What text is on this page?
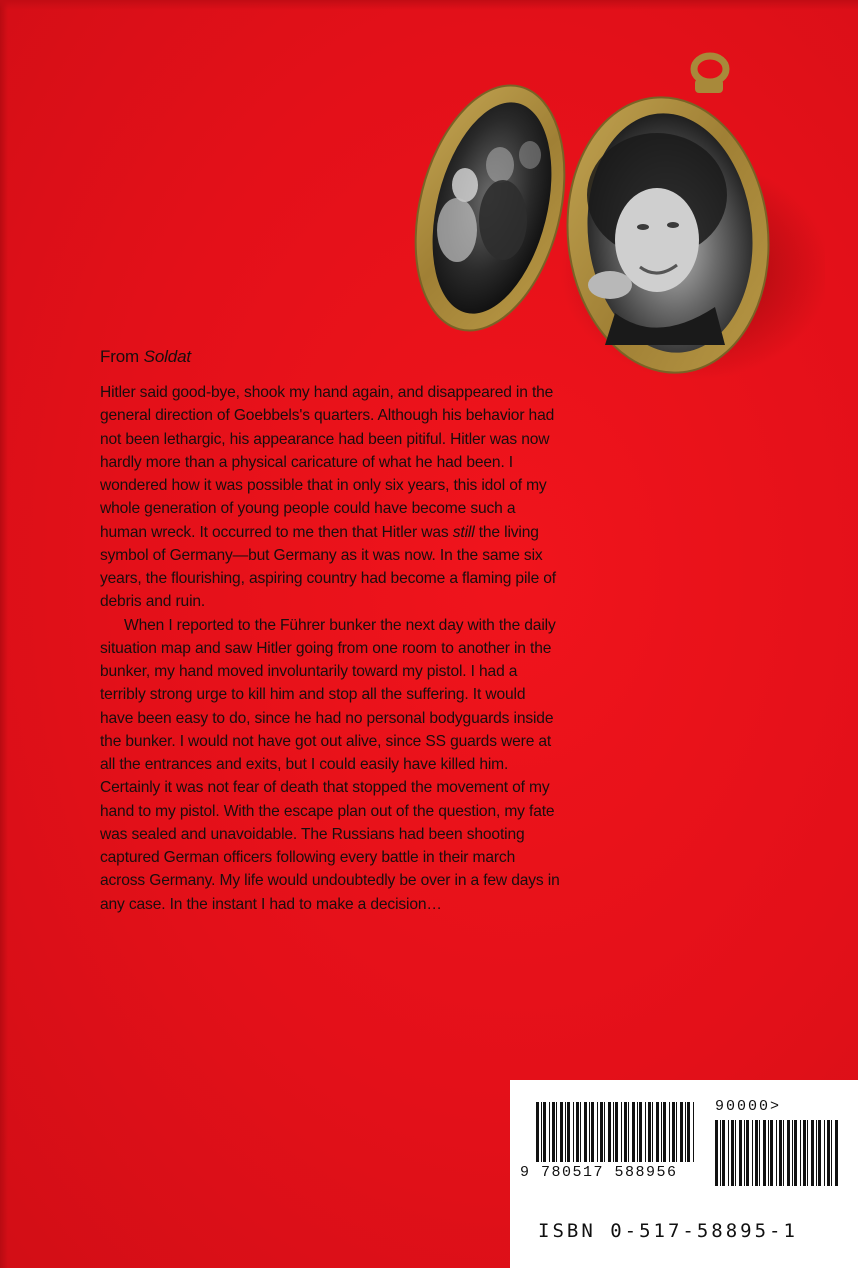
From Soldat

Hitler said good-bye, shook my hand again, and disappeared in the general direction of Goebbels's quarters. Although his behavior had not been lethargic, his appearance had been pitiful. Hitler was now hardly more than a physical caricature of what he had been. I wondered how it was possible that in only six years, this idol of my whole generation of young people could have become such a human wreck. It occurred to me then that Hitler was still the living symbol of Germany—but Germany as it was now. In the same six years, the flourishing, aspiring country had become a flaming pile of debris and ruin.

When I reported to the Führer bunker the next day with the daily situation map and saw Hitler going from one room to another in the bunker, my hand moved involuntarily toward my pistol. I had a terribly strong urge to kill him and stop all the suffering. It would have been easy to do, since he had no personal bodyguards inside the bunker. I would not have got out alive, since SS guards were at all the entrances and exits, but I could easily have killed him. Certainly it was not fear of death that stopped the movement of my hand to my pistol. With the escape plan out of the question, my fate was sealed and unavoidable. The Russians had been shooting captured German officers following every battle in their march across Germany. My life would undoubtedly be over in a few days in any case. In the instant I had to make a decision…

9 780517 588956
90000>
ISBN 0-517-58895-1
